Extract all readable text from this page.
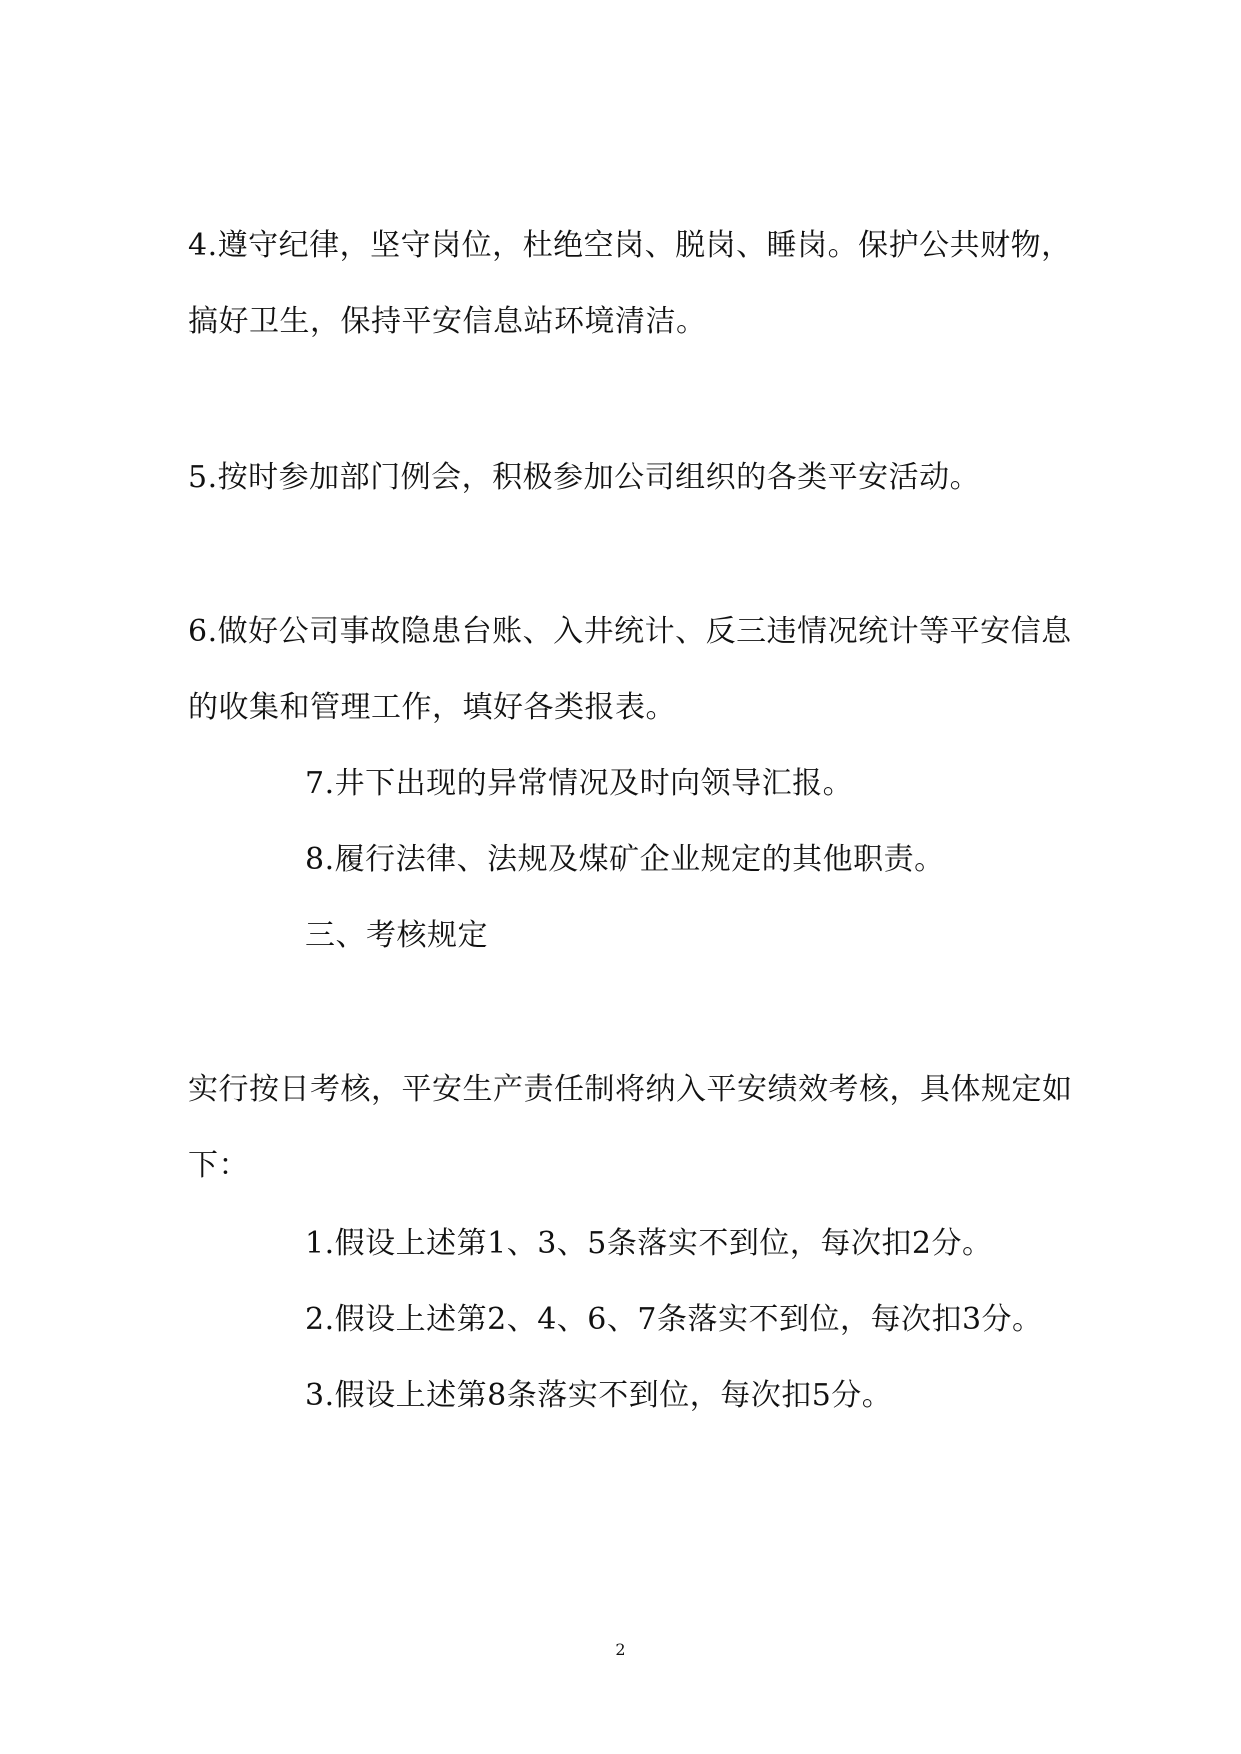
4.遵守纪律，坚守岗位，杜绝空岗、脱岗、睡岗。保护公共财物，
搞好卫生，保持平安信息站环境清洁。
5.按时参加部门例会，积极参加公司组织的各类平安活动。
6.做好公司事故隐患台账、入井统计、反三违情况统计等平安信息
的收集和管理工作，填好各类报表。
7.井下出现的异常情况及时向领导汇报。
8.履行法律、法规及煤矿企业规定的其他职责。
三、考核规定
实行按日考核，平安生产责任制将纳入平安绩效考核，具体规定如
下：
1.假设上述第1、3、5条落实不到位，每次扣2分。
2.假设上述第2、4、6、7条落实不到位，每次扣3分。
3.假设上述第8条落实不到位，每次扣5分。
2
